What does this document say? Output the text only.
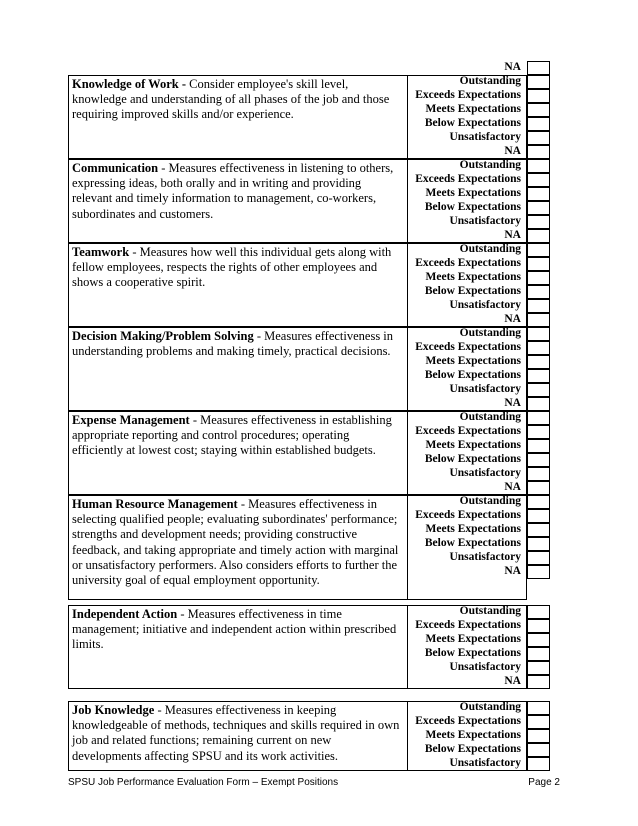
NA
Knowledge of Work - Consider employee's skill level, knowledge and understanding of all phases of the job and those requiring improved skills and/or experience.
Outstanding
Exceeds Expectations
Meets Expectations
Below Expectations
Unsatisfactory
NA
Communication - Measures effectiveness in listening to others, expressing ideas, both orally and in writing and providing relevant and timely information to management, co-workers, subordinates and customers.
Outstanding
Exceeds Expectations
Meets Expectations
Below Expectations
Unsatisfactory
NA
Teamwork - Measures how well this individual gets along with fellow employees, respects the rights of other employees and shows a cooperative spirit.
Outstanding
Exceeds Expectations
Meets Expectations
Below Expectations
Unsatisfactory
NA
Decision Making/Problem Solving - Measures effectiveness in understanding problems and making timely, practical decisions.
Outstanding
Exceeds Expectations
Meets Expectations
Below Expectations
Unsatisfactory
NA
Expense Management - Measures effectiveness in establishing appropriate reporting and control procedures; operating efficiently at lowest cost; staying within established budgets.
Outstanding
Exceeds Expectations
Meets Expectations
Below Expectations
Unsatisfactory
NA
Human Resource Management - Measures effectiveness in selecting qualified people; evaluating subordinates' performance; strengths and development needs; providing constructive feedback, and taking appropriate and timely action with marginal or unsatisfactory performers. Also considers efforts to further the university goal of equal employment opportunity.
Outstanding
Exceeds Expectations
Meets Expectations
Below Expectations
Unsatisfactory
NA
Independent Action - Measures effectiveness in time management; initiative and independent action within prescribed limits.
Outstanding
Exceeds Expectations
Meets Expectations
Below Expectations
Unsatisfactory
NA
Job Knowledge - Measures effectiveness in keeping knowledgeable of methods, techniques and skills required in own job and related functions; remaining current on new developments affecting SPSU and its work activities.
Outstanding
Exceeds Expectations
Meets Expectations
Below Expectations
Unsatisfactory
SPSU Job Performance Evaluation Form – Exempt Positions	Page 2
